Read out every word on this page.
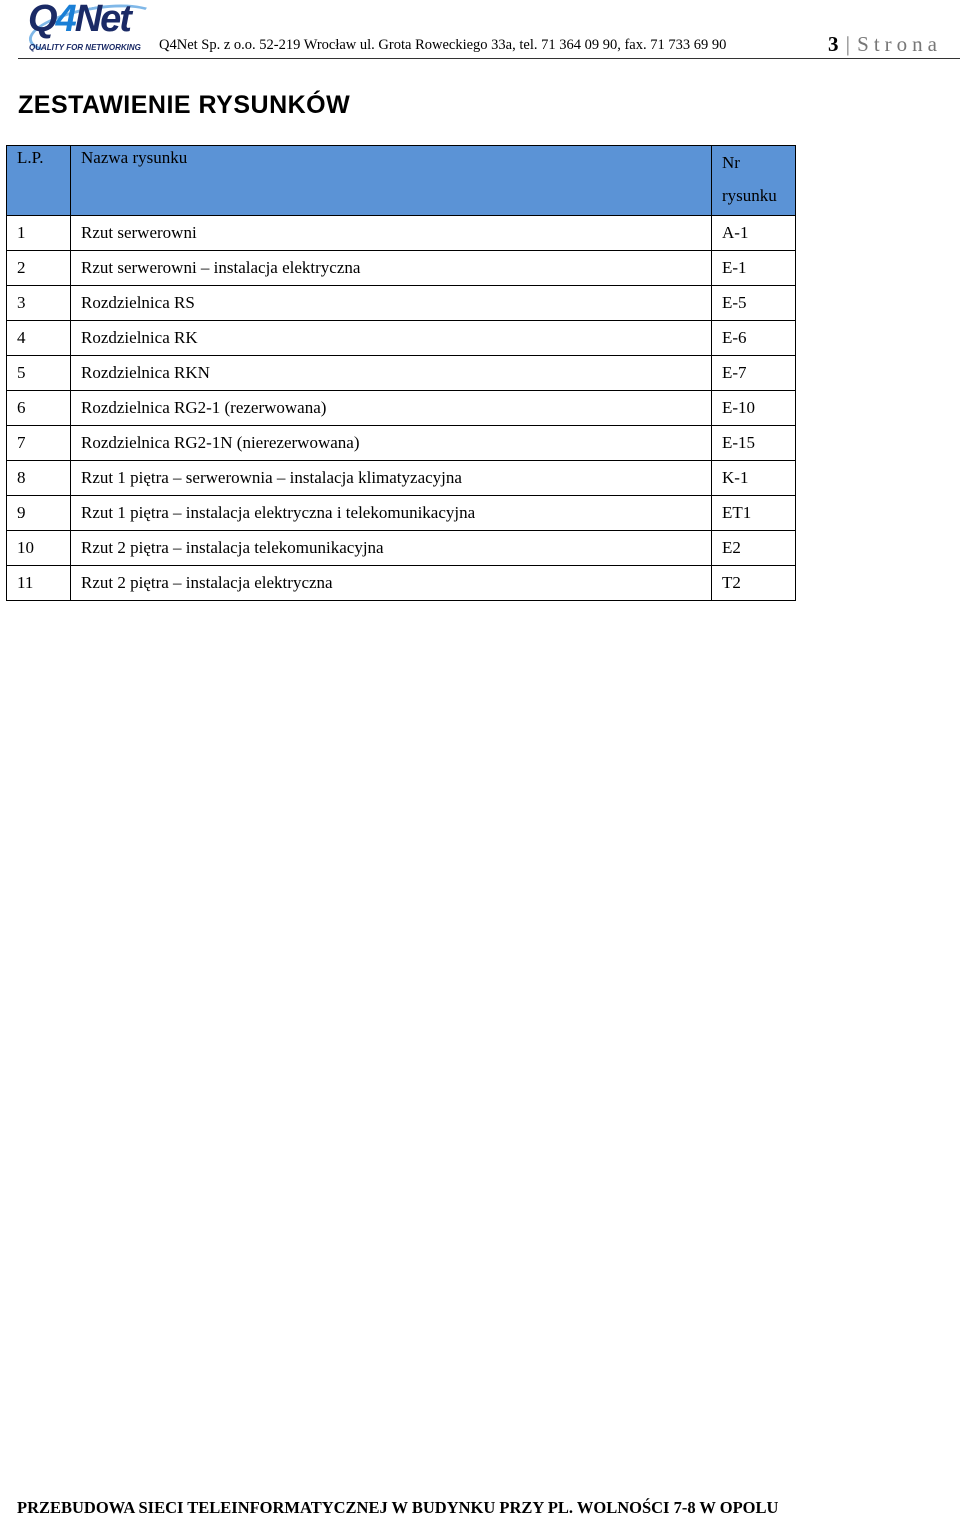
Q4Net
QUALITY FOR NETWORKING Q4Net Sp. z o.o. 52-219 Wrocław ul. Grota Roweckiego 33a, tel. 71 364 09 90, fax. 71 733 69 90	3 | Strona
ZESTAWIENIE RYSUNKÓW
L.P.	Nazwa rysunku	Nr
rysunku
1	Rzut serwerowni	A-1
2	Rzut serwerowni – instalacja elektryczna	E-1
3	Rozdzielnica RS	E-5
4	Rozdzielnica RK	E-6
5	Rozdzielnica RKN	E-7
6	Rozdzielnica RG2-1 (rezerwowana)	E-10
7	Rozdzielnica RG2-1N (nierezerwowana)	E-15
8	Rzut 1 piętra – serwerownia – instalacja klimatyzacyjna	K-1
9	Rzut 1 piętra – instalacja elektryczna i telekomunikacyjna	ET1
10	Rzut 2 piętra – instalacja telekomunikacyjna	E2
11	Rzut 2 piętra – instalacja elektryczna	T2
PRZEBUDOWA SIECI TELEINFORMATYCZNEJ W BUDYNKU PRZY PL. WOLNOŚCI 7-8 W OPOLU
